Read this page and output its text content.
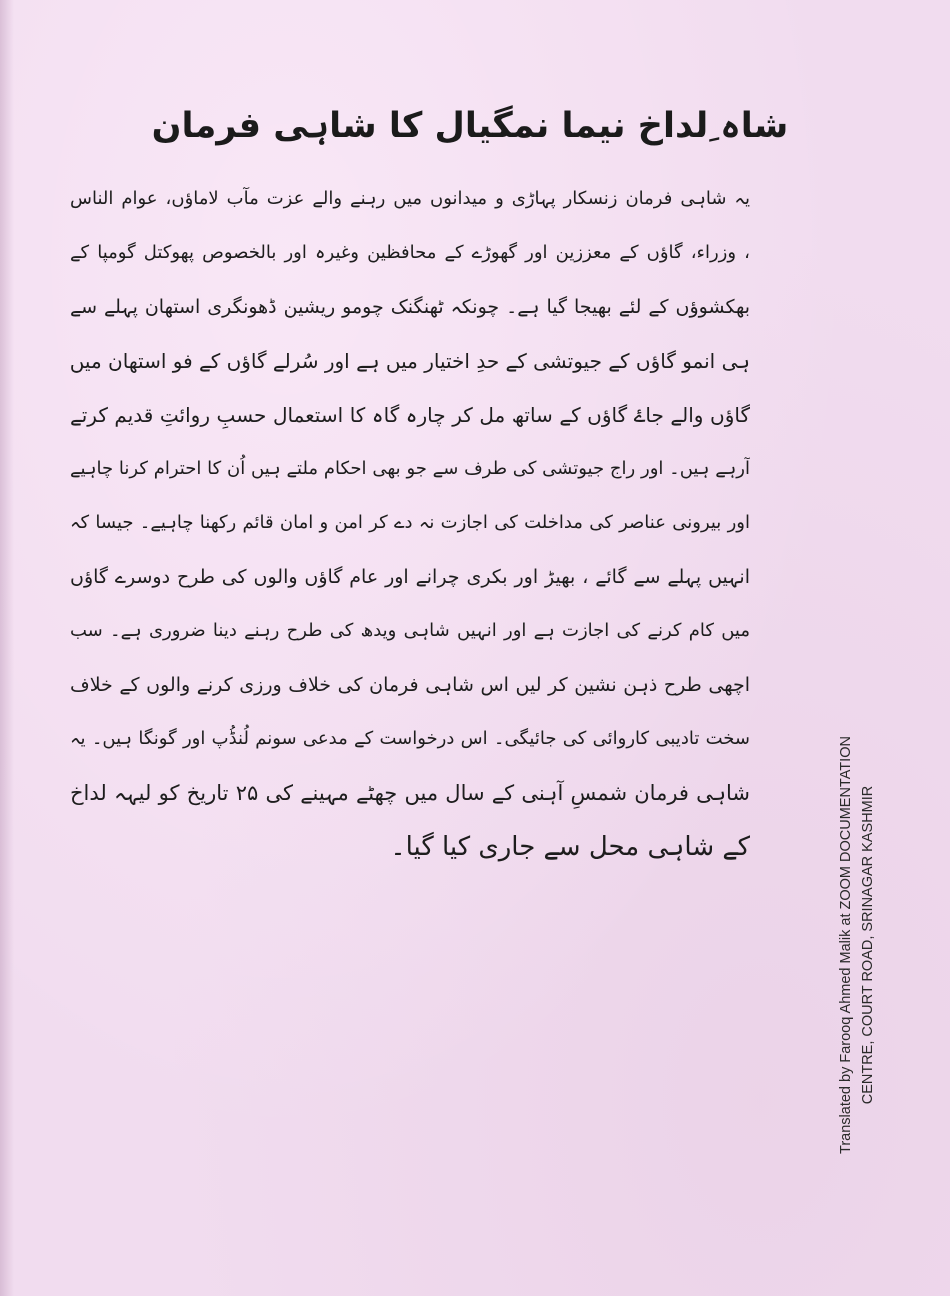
شاہ ِلداخ نیما نمگیال کا شاہی فرمان
یہ شاہی فرمان زنسکار پہاڑی و میدانوں میں رہنے والے عزت مآب لاماؤں، عوام الناس
، وزراء، گاؤں کے معززین اور گھوڑے کے محافظین وغیرہ اور بالخصوص پھوکتل گومپا کے
بھکشوؤں کے لئے بھیجا گیا ہے۔ چونکہ ٹھنگنک چومو ریشین ڈھونگری استھان پہلے سے
ہی انمو گاؤں کے جیوتشی کے حدِ اختیار میں ہے اور سُرلے گاؤں کے فو استھان میں
گاؤں والے جاۓ گاؤں کے ساتھ مل کر چارہ گاہ کا استعمال حسبِ روائتِ قدیم کرتے
آرہے ہیں۔ اور راج جیوتشی کی طرف سے جو بھی احکام ملتے ہیں اُن کا احترام کرنا چاہیے
اور بیرونی عناصر کی مداخلت کی اجازت نہ دے کر امن و امان قائم رکھنا چاہیے۔ جیسا کہ
انہیں پہلے سے گائے ، بھیڑ اور بکری چرانے اور عام گاؤں والوں کی طرح دوسرے گاؤں
میں کام کرنے کی اجازت ہے اور انہیں شاہی ویدھ کی طرح رہنے دینا ضروری ہے۔ سب
اچھی طرح ذہن نشین کر لیں اس شاہی فرمان کی خلاف ورزی کرنے والوں کے خلاف
سخت تادیبی کاروائی کی جائیگی۔ اس درخواست کے مدعی سونم لُنڈُپ اور گونگا ہیں۔ یہ
شاہی فرمان شمسِ آہنی کے سال میں چھٹے مہینے کی ۲۵ تاریخ کو لیہہ لداخ
کے شاہی محل سے جاری کیا گیا۔	Translated by Farooq Ahmed Malik at ZOOM DOCUMENTATION CENTRE, COURT ROAD, SRINAGAR KASHMIR
